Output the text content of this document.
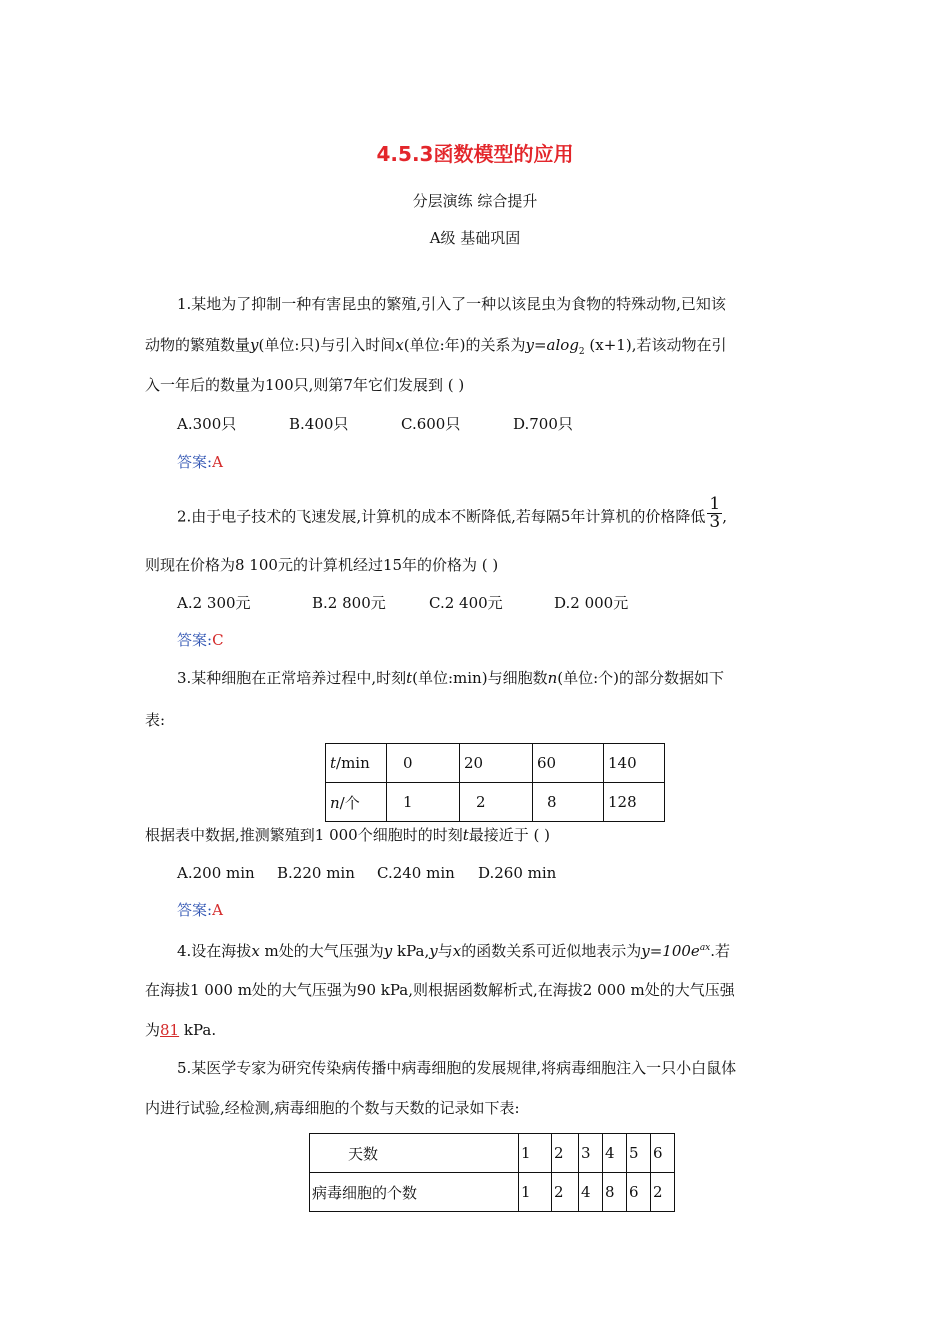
4.5.3函数模型的应用
分层演练 综合提升
A级 基础巩固
1.某地为了抑制一种有害昆虫的繁殖,引入了一种以该昆虫为食物的特殊动物,已知该
动物的繁殖数量y(单位:只)与引入时间x(单位:年)的关系为y=alog$_2$ (x+1),若该动物在引
入一年后的数量为100只,则第7年它们发展到 ( )
A.300只	B.400只	C.600只	D.700只
答案:A
2.由于电子技术的飞速发展,计算机的成本不断降低,若每隔5年计算机的价格降低 $\frac{1}{3}$ ,
则现在价格为8 100元的计算机经过15年的价格为 ( )
A.2 300元	B.2 800元	C.2 400元	D.2 000元
答案:C
3.某种细胞在正常培养过程中,时刻t(单位:min)与细胞数n(单位:个)的部分数据如下
表:
t/min	0	20	60	140
n/个	1	2	8	128
根据表中数据,推测繁殖到1 000个细胞时的时刻t最接近于 ( )
A.200 min B.220 min C.240 min D.260 min
答案:A
4.设在海拔x m处的大气压强为y kPa,y与x的函数关系可近似地表示为$y=100e^{ax}$.若
在海拔1 000 m处的大气压强为90 kPa,则根据函数解析式,在海拔2 000 m处的大气压强
为81 kPa.
5.某医学专家为研究传染病传播中病毒细胞的发展规律,将病毒细胞注入一只小白鼠体
内进行试验,经检测,病毒细胞的个数与天数的记录如下表:
天数	1	2	3	4	5	6
病毒细胞的个数	1	2	4	8	6	2
